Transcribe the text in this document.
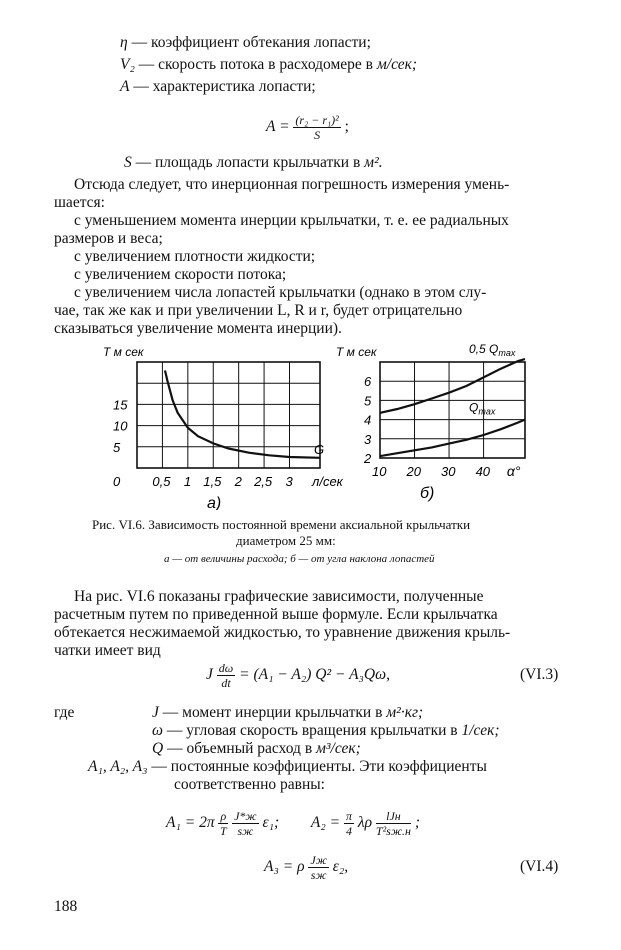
η — коэффициент обтекания лопасти;
V₂ — скорость потока в расходомере в м/сек;
A — характеристика лопасти;
$A = \frac{\text{(r₂ − r₁)²}}{S}$ ;
S — площадь лопасти крыльчатки в м².
Отсюда следует, что инерционная погрешность измерения умень-
шается:
с уменьшением момента инерции крыльчатки, т. е. ее радиальных
размеров и веса;
с увеличением плотности жидкости;
с увеличением скорости потока;
с увеличением числа лопастей крыльчатки (однако в этом слу-
чае, так же как и при увеличении L, R и r, будет отрицательно
сказываться увеличение момента инерции).
5
10
15
0 0,5 1 1,5 2 2,5 3 л/сек
T м сек
а)
G
2
3
4
5
6
10 20 30 40 α°
T м сек
б)
0,5 $Q_{max}$
$Q_{max}$
Рис. VI.6. Зависимость постоянной времени аксиальной крыльчатки
диаметром 25 мм:
а — от величины расхода; б — от угла наклона лопастей
На рис. VI.6 показаны графические зависимости, полученные
расчетным путем по приведенной выше формуле. Если крыльчатка
обтекается несжимаемой жидкостью, то уравнение движения крыль-
чатки имеет вид
J $\frac{d\omega}{dt} = (A_1 - A_2) Q^2 - A_3Q\omega$,	(VI.3)
где	J — момент инерции крыльчатки в м²·кг;
ω — угловая скорость вращения крыльчатки в 1/сек;
Q — объемный расход в м³/сек;
A₁, A₂, A₃ — постоянные коэффициенты. Эти коэффициенты
соответственно равны:
$A_1 = 2\pi \frac{\rho}{T}$
$\frac{J*ж}{sж} \varepsilon_1$; $A_2 = \frac{\pi}{4}$ λρ $\frac{\text{lJн}}{\text{T²sж.н}}$ ;
A₃ = ρ $\frac{Jж}{sж} \varepsilon_2$,	(VI.4)
188
